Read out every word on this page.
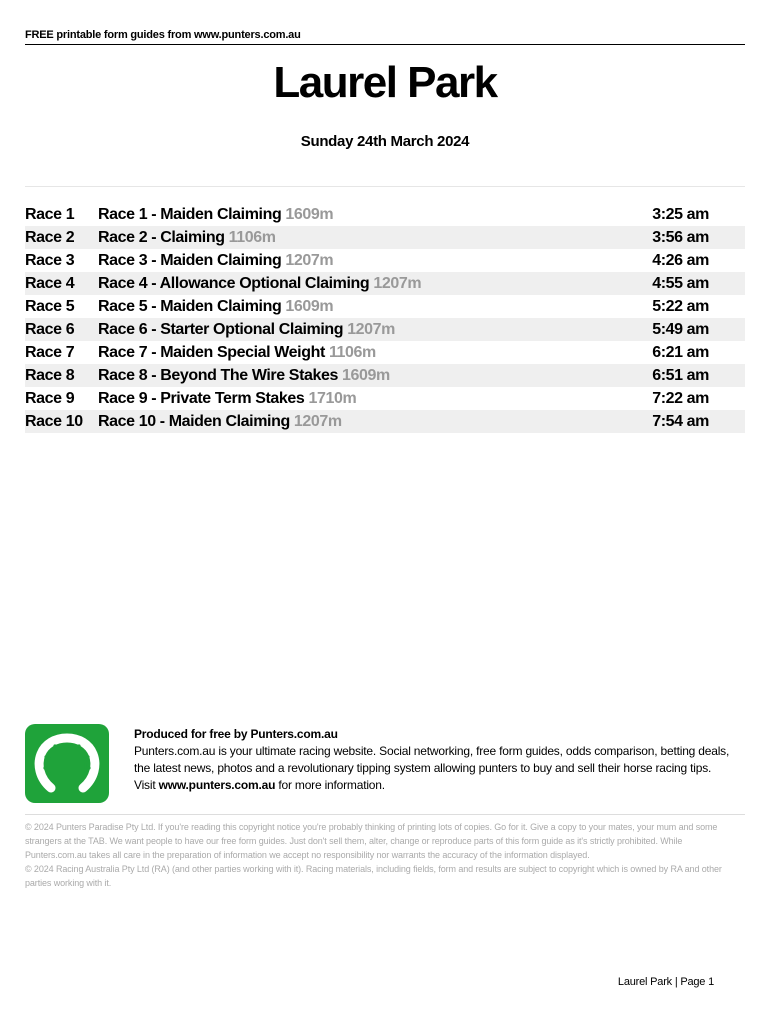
FREE printable form guides from www.punters.com.au
Laurel Park
Sunday 24th March 2024
Race 1 Race 1 - Maiden Claiming 1609m	3:25 am
Race 2 Race 2 - Claiming 1106m	3:56 am
Race 3 Race 3 - Maiden Claiming 1207m	4:26 am
Race 4 Race 4 - Allowance Optional Claiming 1207m	4:55 am
Race 5 Race 5 - Maiden Claiming 1609m	5:22 am
Race 6 Race 6 - Starter Optional Claiming 1207m	5:49 am
Race 7 Race 7 - Maiden Special Weight 1106m	6:21 am
Race 8 Race 8 - Beyond The Wire Stakes 1609m	6:51 am
Race 9 Race 9 - Private Term Stakes 1710m	7:22 am
Race 10 Race 10 - Maiden Claiming 1207m	7:54 am
Produced for free by Punters.com.au
Punters.com.au is your ultimate racing website. Social networking, free form guides, odds comparison, betting deals, the latest news, photos and a revolutionary tipping system allowing punters to buy and sell their horse racing tips.
Visit www.punters.com.au for more information.
© 2024 Punters Paradise Pty Ltd. If you're reading this copyright notice you're probably thinking of printing lots of copies. Go for it. Give a copy to your mates, your mum and some strangers at the TAB. We want people to have our free form guides. Just don't sell them, alter, change or reproduce parts of this form guide as it's strictly prohibited. While Punters.com.au takes all care in the preparation of information we accept no responsibility nor warrants the accuracy of the information displayed.
© 2024 Racing Australia Pty Ltd (RA) (and other parties working with it). Racing materials, including fields, form and results are subject to copyright which is owned by RA and other parties working with it.
Laurel Park | Page 1
